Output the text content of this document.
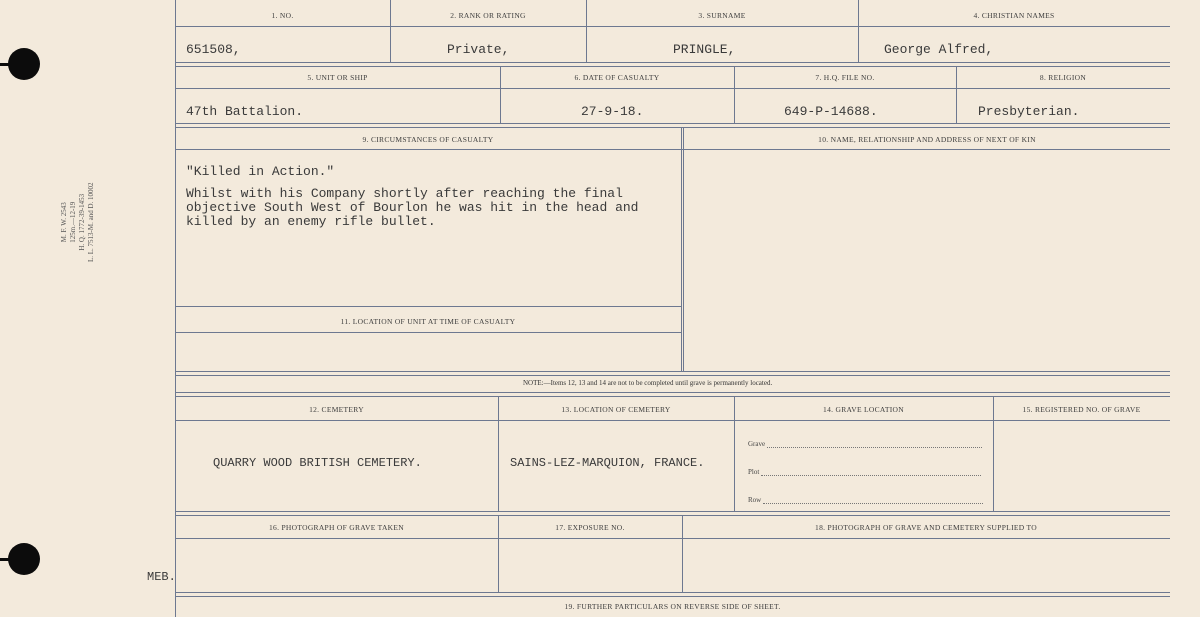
M. F. W. 2543 125m.—12-19 H. Q. 1772-39-1453 L. L. 7513-M. and D. 10002
1. NO.	2. RANK OR RATING	3. SURNAME	4. CHRISTIAN NAMES
651508,	Private,	PRINGLE,	George Alfred,
5. UNIT OR SHIP	6. DATE OF CASUALTY	7. H.Q. FILE NO.	8. RELIGION
47th Battalion.	27-9-18.	649-P-14688.	Presbyterian.
9. CIRCUMSTANCES OF CASUALTY	10. NAME, RELATIONSHIP AND ADDRESS OF NEXT OF KIN
11. LOCATION OF UNIT AT TIME OF CASUALTY
"Killed in Action."
Whilst with his Company shortly after reaching the final
objective South West of Bourlon he was hit in the head and
killed by an enemy rifle bullet.
NOTE:—Items 12, 13 and 14 are not to be completed until grave is permanently located.
12. CEMETERY	13. LOCATION OF CEMETERY	14. GRAVE LOCATION	15. REGISTERED NO. OF GRAVE
QUARRY WOOD BRITISH CEMETERY.	SAINS-LEZ-MARQUION, FRANCE.
Grave
Plot
Row
16. PHOTOGRAPH OF GRAVE TAKEN	17. EXPOSURE NO.	18. PHOTOGRAPH OF GRAVE AND CEMETERY SUPPLIED TO
MEB.
19. FURTHER PARTICULARS ON REVERSE SIDE OF SHEET.
